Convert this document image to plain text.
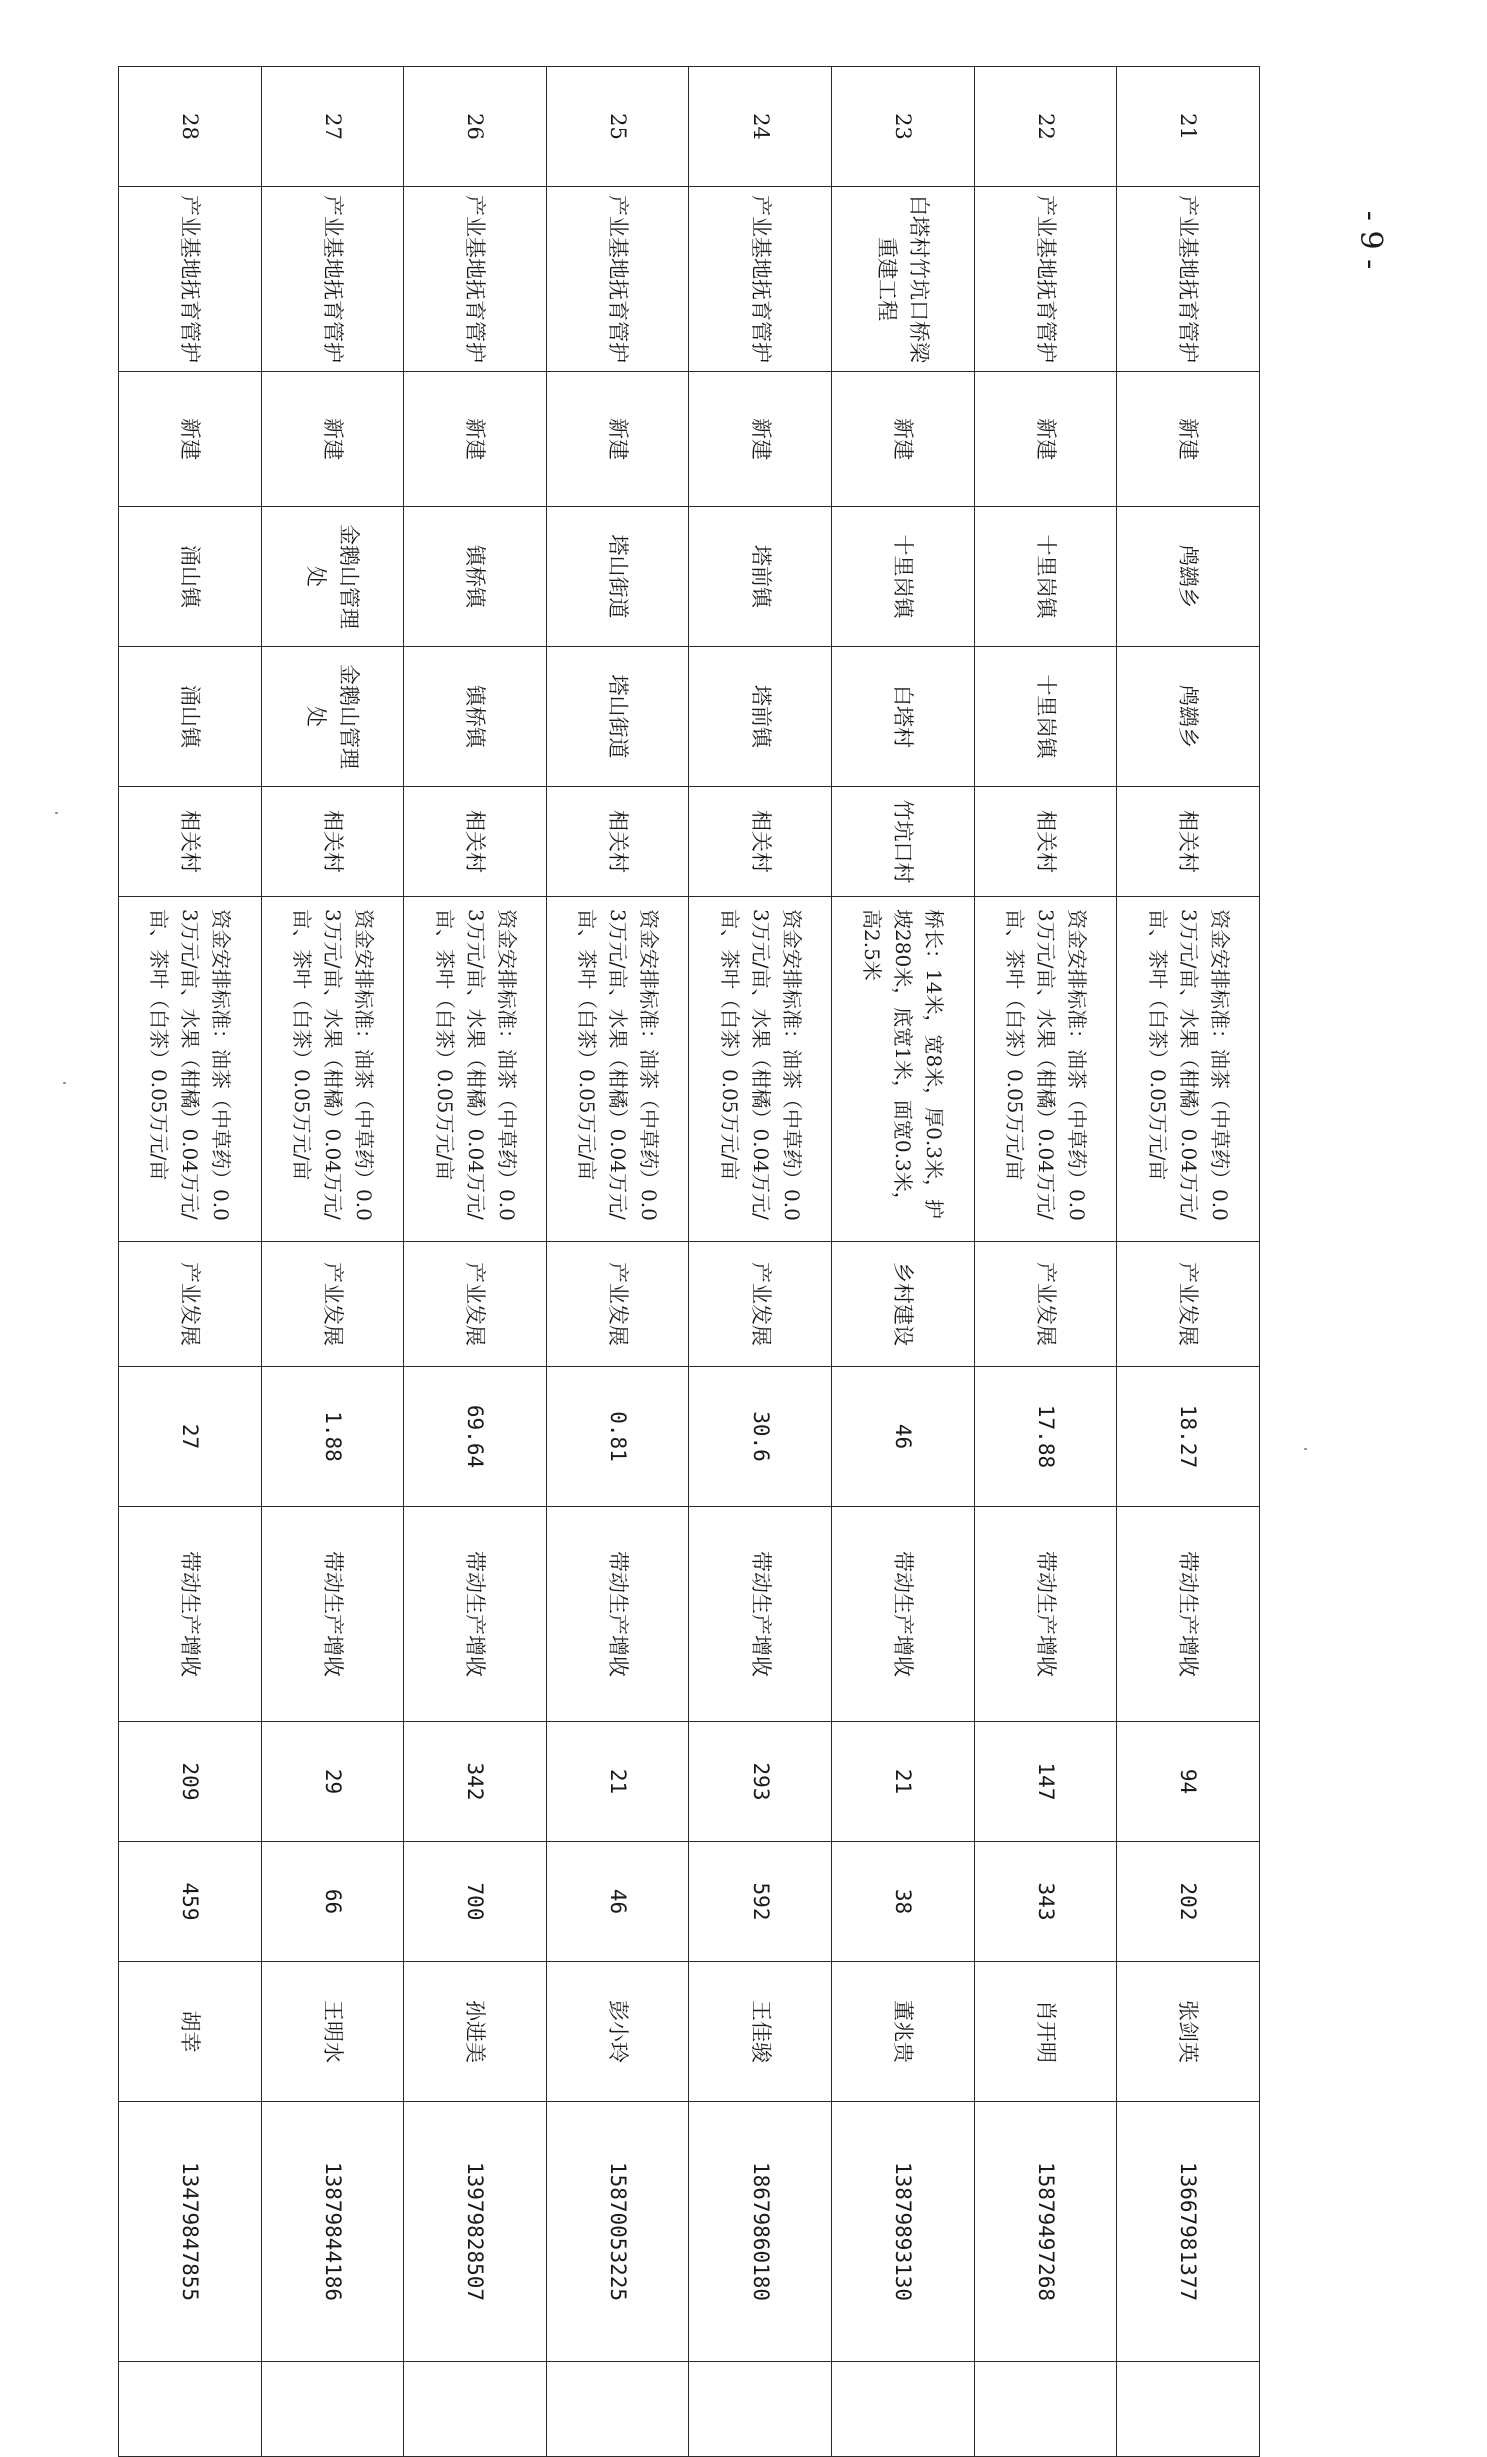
21	产业基地抚育管护	新建	鸬鹚乡	鸬鹚乡	相关村	资金安排标准：油茶（中草药）0.03万元/亩、水果（柑橘）0.04万元/亩、茶叶（白茶）0.05万元/亩	产业发展	18.27	带动生产增收	94	202	张剑英	13667981377	
22	产业基地抚育管护	新建	十里岗镇	十里岗镇	相关村	资金安排标准：油茶（中草药）0.03万元/亩、水果（柑橘）0.04万元/亩、茶叶（白茶）0.05万元/亩	产业发展	17.88	带动生产增收	147	343	肖开明	15879497268	
23	白塔村竹坑口桥梁重建工程	新建	十里岗镇	白塔村	竹坑口村	桥长：14米，宽8米，厚0.3米，护坡280米，底宽1米，面宽0.3米，高2.5米	乡村建设	46	带动生产增收	21	38	董兆贵	13879893130	
24	产业基地抚育管护	新建	塔前镇	塔前镇	相关村	资金安排标准：油茶（中草药）0.03万元/亩、水果（柑橘）0.04万元/亩、茶叶（白茶）0.05万元/亩	产业发展	30.6	带动生产增收	293	592	王佳骏	18679860180	
25	产业基地抚育管护	新建	塔山街道	塔山街道	相关村	资金安排标准：油茶（中草药）0.03万元/亩、水果（柑橘）0.04万元/亩、茶叶（白茶）0.05万元/亩	产业发展	0.81	带动生产增收	21	46	彭小玲	15870053225	
26	产业基地抚育管护	新建	镇桥镇	镇桥镇	相关村	资金安排标准：油茶（中草药）0.03万元/亩、水果（柑橘）0.04万元/亩、茶叶（白茶）0.05万元/亩	产业发展	69.64	带动生产增收	342	700	孙进美	13979828507	
27	产业基地抚育管护	新建	金鹅山管理处	金鹅山管理处	相关村	资金安排标准：油茶（中草药）0.03万元/亩、水果（柑橘）0.04万元/亩、茶叶（白茶）0.05万元/亩	产业发展	1.88	带动生产增收	29	66	王明水	13879844186	
28	产业基地抚育管护	新建	涌山镇	涌山镇	相关村	资金安排标准：油茶（中草药）0.03万元/亩、水果（柑橘）0.04万元/亩、茶叶（白茶）0.05万元/亩	产业发展	27	带动生产增收	209	459	胡幸	13479847855	
- 9 -
